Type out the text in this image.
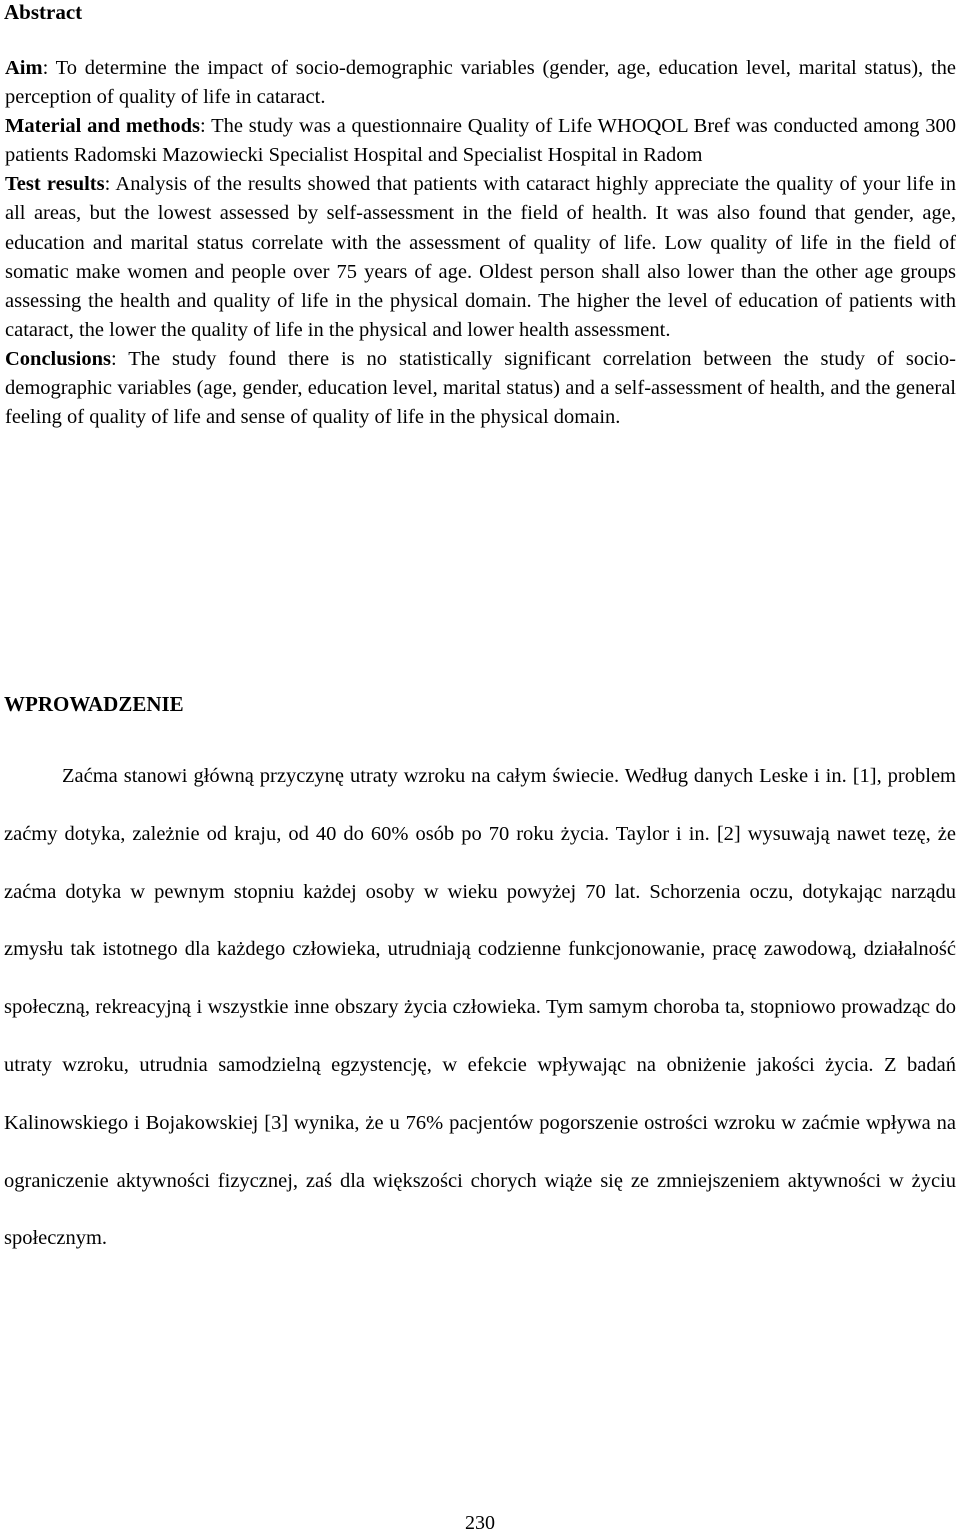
Abstract

Aim: To determine the impact of socio-demographic variables (gender, age, education level, marital status), the perception of quality of life in cataract.

Material and methods: The study was a questionnaire Quality of Life WHOQOL Bref was conducted among 300 patients Radomski Mazowiecki Specialist Hospital and Specialist Hospital in Radom

Test results: Analysis of the results showed that patients with cataract highly appreciate the quality of your life in all areas, but the lowest assessed by self-assessment in the field of health. It was also found that gender, age, education and marital status correlate with the assessment of quality of life. Low quality of life in the field of somatic make women and people over 75 years of age. Oldest person shall also lower than the other age groups assessing the health and quality of life in the physical domain. The higher the level of education of patients with cataract, the lower the quality of life in the physical and lower health assessment.

Conclusions: The study found there is no statistically significant correlation between the study of socio-demographic variables (age, gender, education level, marital status) and a self-assessment of health, and the general feeling of quality of life and sense of quality of life in the physical domain.

WPROWADZENIE

Zaćma stanowi główną przyczynę utraty wzroku na całym świecie. Według danych Leske i in. [1], problem zaćmy dotyka, zależnie od kraju, od 40 do 60% osób po 70 roku życia. Taylor i in. [2] wysuwają nawet tezę, że zaćma dotyka w pewnym stopniu każdej osoby w wieku powyżej 70 lat. Schorzenia oczu, dotykając narządu zmysłu tak istotnego dla każdego człowieka, utrudniają codzienne funkcjonowanie, pracę zawodową, działalność społeczną, rekreacyjną i wszystkie inne obszary życia człowieka. Tym samym choroba ta, stopniowo prowadząc do utraty wzroku, utrudnia samodzielną egzystencję, w efekcie wpływając na obniżenie jakości życia. Z badań Kalinowskiego i Bojakowskiej [3] wynika, że u 76% pacjentów pogorszenie ostrości wzroku w zaćmie wpływa na ograniczenie aktywności fizycznej, zaś dla większości chorych wiąże się ze zmniejszeniem aktywności w życiu społecznym.

230
